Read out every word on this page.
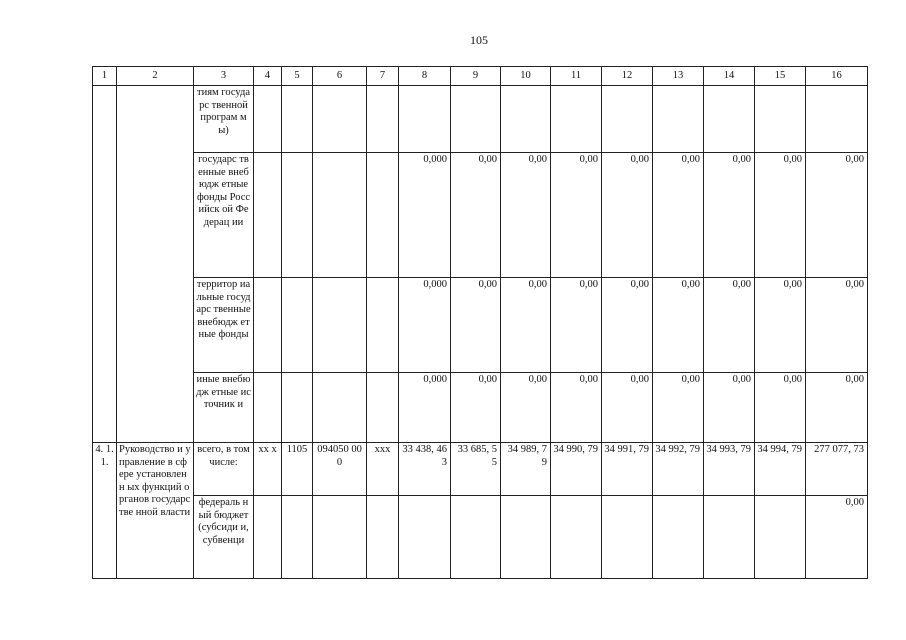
105
1	2	3	4	5	6	7	8	9	10	11	12	13	14	15	16
		тиям государс твенной програм мы)													
		государс твенные внебюдж етные фонды Российск ой Федерац ии					0,000	0,00	0,00	0,00	0,00	0,00	0,00	0,00	0,00
		территор иальные государс твенные внебюдж етные фонды					0,000	0,00	0,00	0,00	0,00	0,00	0,00	0,00	0,00
		иные внебюдж етные источник и					0,000	0,00	0,00	0,00	0,00	0,00	0,00	0,00	0,00
4. 1. 1.	Руководство и управление в сфере установленн ых функций органов государстве нной власти	всего, в том числе:	хх х	1105	094050 000	ххх	33 438, 463	33 685, 55	34 989, 79	34 990, 79	34 991, 79	34 992, 79	34 993, 79	34 994, 79	277 077, 73
		федераль ный бюджет (субсиди и, субвенци													0,00
